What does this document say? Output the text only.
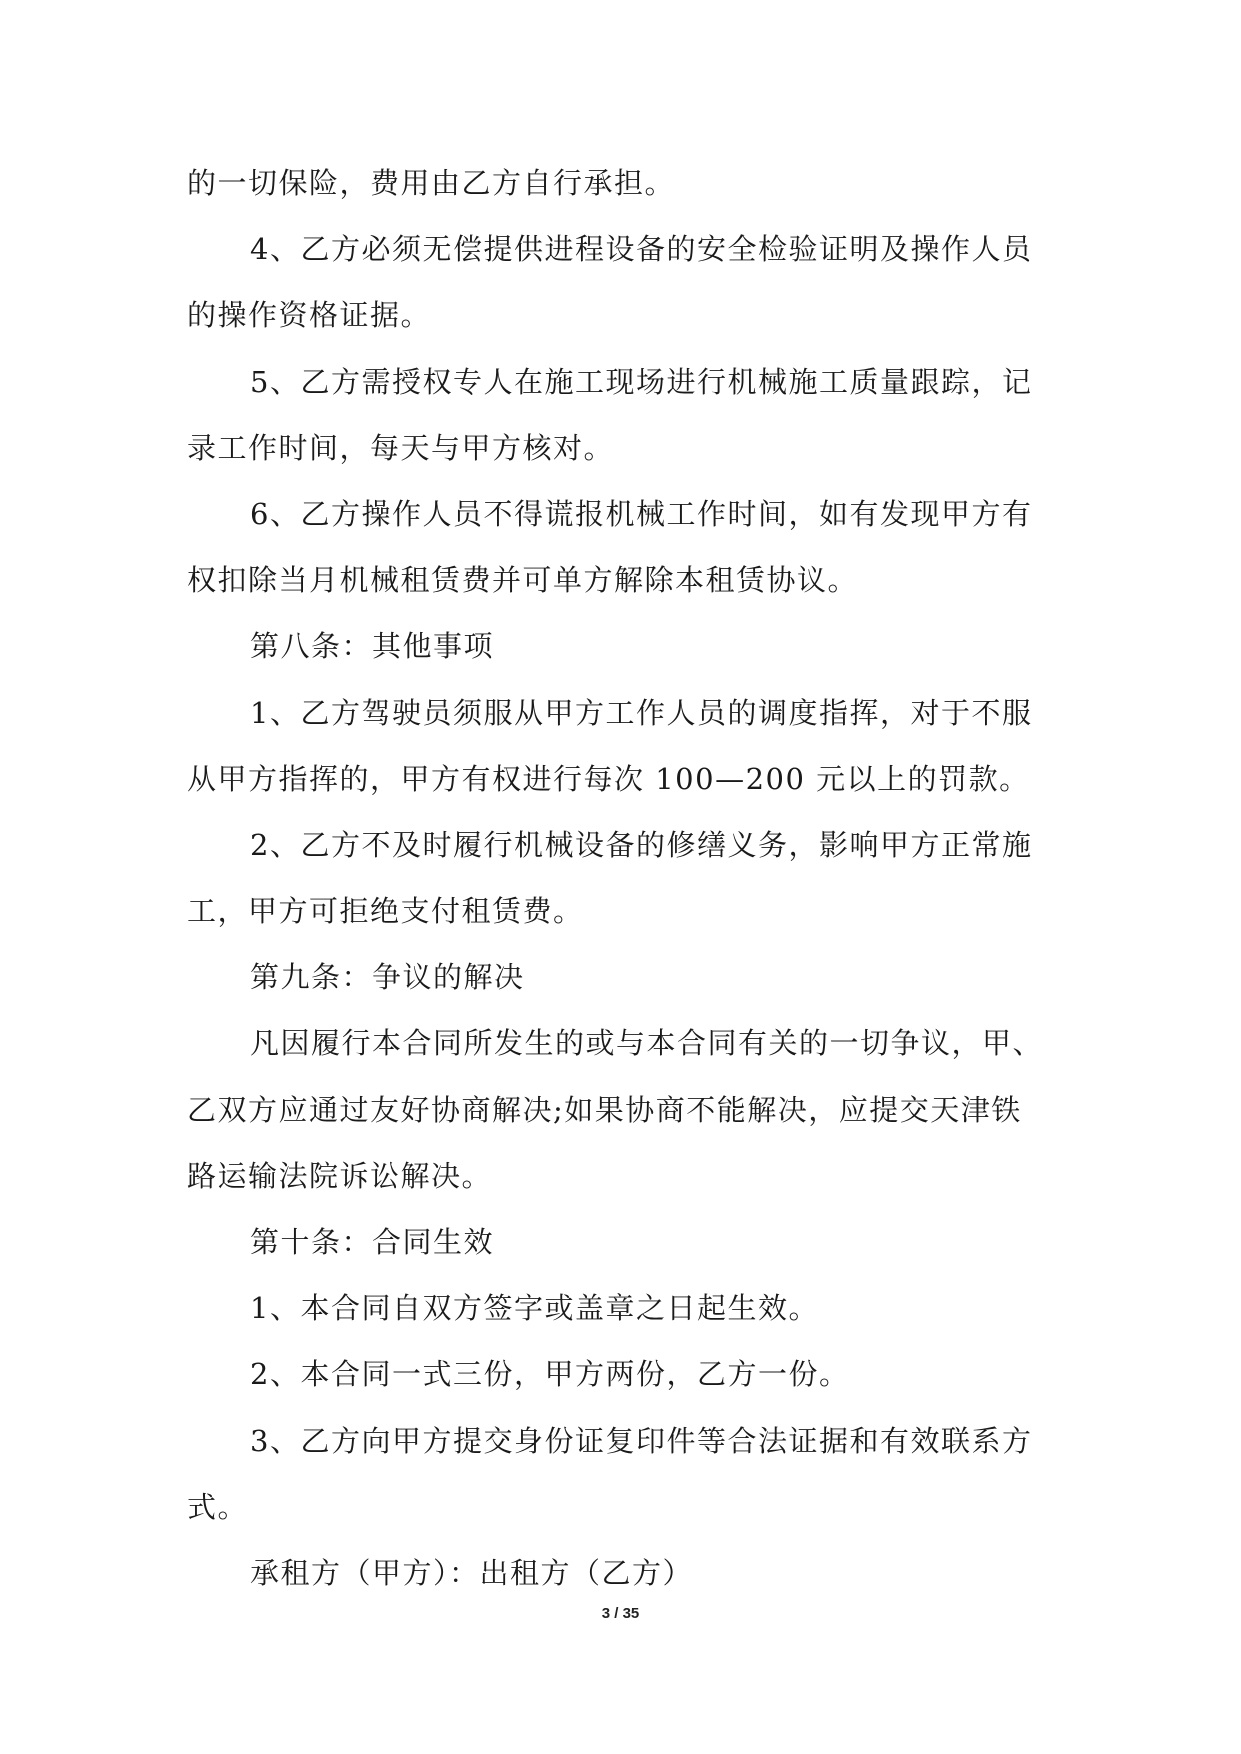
的一切保险，费用由乙方自行承担。
4、乙方必须无偿提供进程设备的安全检验证明及操作人员
的操作资格证据。
5、乙方需授权专人在施工现场进行机械施工质量跟踪，记
录工作时间，每天与甲方核对。
6、乙方操作人员不得谎报机械工作时间，如有发现甲方有
权扣除当月机械租赁费并可单方解除本租赁协议。
第八条：其他事项
1、乙方驾驶员须服从甲方工作人员的调度指挥，对于不服
从甲方指挥的，甲方有权进行每次 100—200 元以上的罚款。
2、乙方不及时履行机械设备的修缮义务，影响甲方正常施
工，甲方可拒绝支付租赁费。
第九条：争议的解决
凡因履行本合同所发生的或与本合同有关的一切争议，甲、
乙双方应通过友好协商解决;如果协商不能解决，应提交天津铁
路运输法院诉讼解决。
第十条：合同生效
1、本合同自双方签字或盖章之日起生效。
2、本合同一式三份，甲方两份，乙方一份。
3、乙方向甲方提交身份证复印件等合法证据和有效联系方
式。
承租方（甲方）：出租方（乙方）
3 / 35
